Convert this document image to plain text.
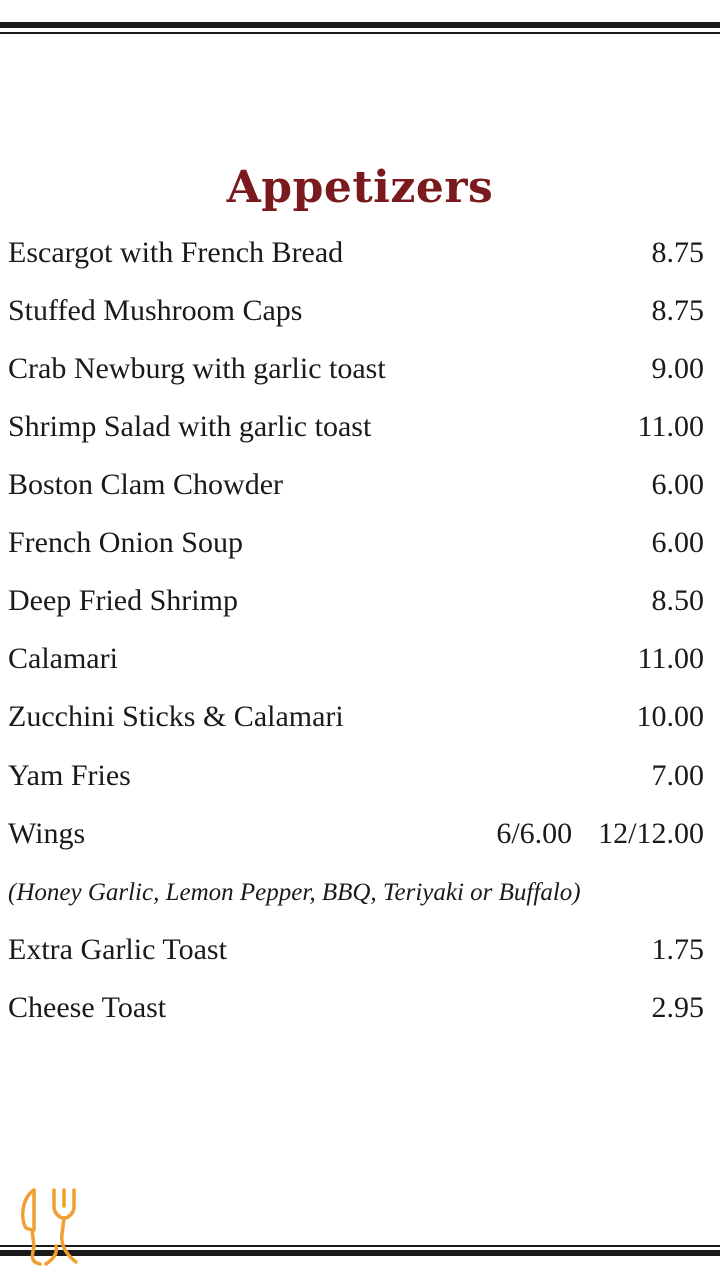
Appetizers
Escargot with French Bread	8.75
Stuffed Mushroom Caps	8.75
Crab Newburg with garlic toast	9.00
Shrimp Salad with garlic toast	11.00
Boston Clam Chowder	6.00
French Onion Soup	6.00
Deep Fried Shrimp	8.50
Calamari	11.00
Zucchini Sticks & Calamari	10.00
Yam Fries	7.00
Wings	6/6.00 12/12.00
(Honey Garlic, Lemon Pepper, BBQ, Teriyaki or Buffalo)
Extra Garlic Toast	1.75
Cheese Toast	2.95
